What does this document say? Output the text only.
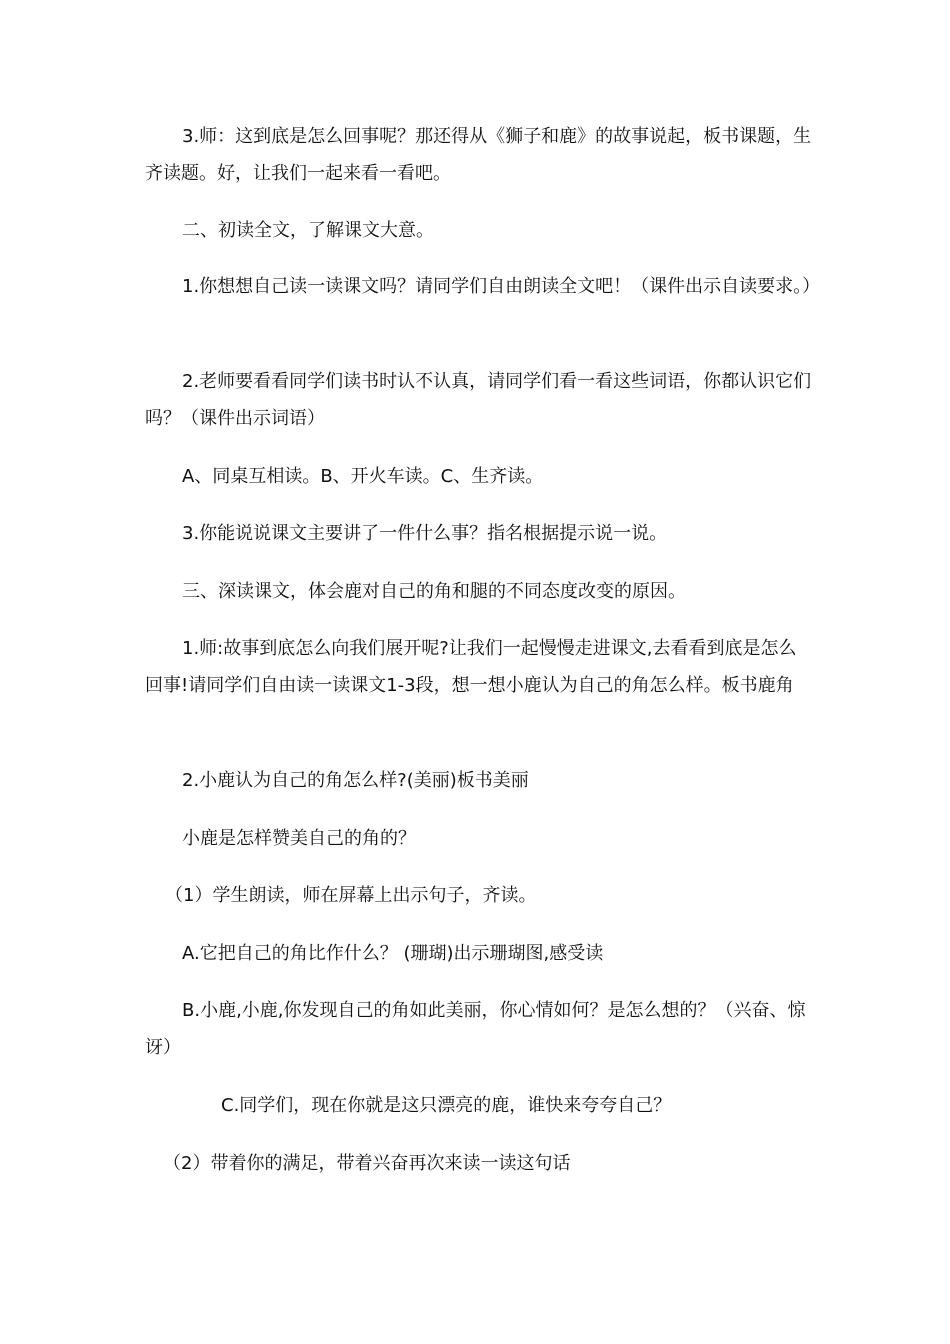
3.师：这到底是怎么回事呢？那还得从《狮子和鹿》的故事说起，板书课题，生齐读题。好，让我们一起来看一看吧。

二、初读全文，了解课文大意。

1.你想想自己读一读课文吗？请同学们自由朗读全文吧！（课件出示自读要求。）

2.老师要看看同学们读书时认不认真，请同学们看一看这些词语，你都认识它们吗？（课件出示词语）

A、同桌互相读。B、开火车读。C、生齐读。

3.你能说说课文主要讲了一件什么事？指名根据提示说一说。

三、深读课文，体会鹿对自己的角和腿的不同态度改变的原因。

1.师:故事到底怎么向我们展开呢?让我们一起慢慢走进课文,去看看到底是怎么回事!请同学们自由读一读课文1-3段，想一想小鹿认为自己的角怎么样。板书鹿角

2.小鹿认为自己的角怎么样?(美丽)板书美丽

小鹿是怎样赞美自己的角的？

（1）学生朗读，师在屏幕上出示句子，齐读。

A.它把自己的角比作什么？ (珊瑚)出示珊瑚图,感受读

B.小鹿,小鹿,你发现自己的角如此美丽，你心情如何？是怎么想的？（兴奋、惊讶）

C.同学们，现在你就是这只漂亮的鹿，谁快来夸夸自己？

（2）带着你的满足，带着兴奋再次来读一读这句话
